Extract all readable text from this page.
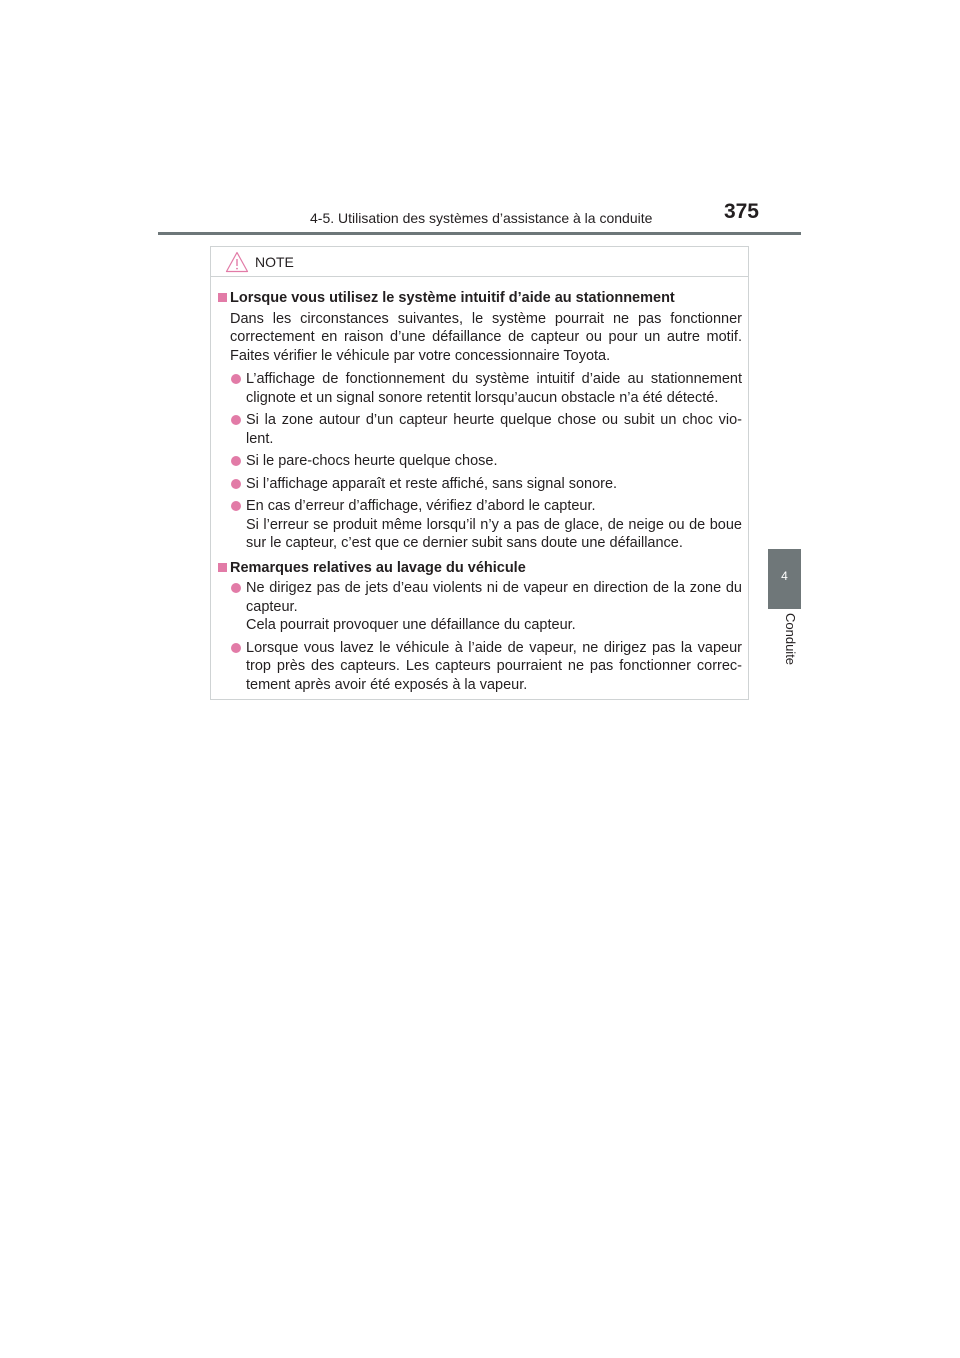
4-5. Utilisation des systèmes d’assistance à la conduite	375
4
Conduite
NOTE
Lorsque vous utilisez le système intuitif d’aide au stationnement
Dans les circonstances suivantes, le système pourrait ne pas fonctionner correctement en raison d’une défaillance de capteur ou pour un autre motif. Faites vérifier le véhicule par votre concessionnaire Toyota.
L’affichage de fonctionnement du système intuitif d’aide au stationnement clignote et un signal sonore retentit lorsqu’aucun obstacle n’a été détecté.
Si la zone autour d’un capteur heurte quelque chose ou subit un choc vio-lent.
Si le pare-chocs heurte quelque chose.
Si l’affichage apparaît et reste affiché, sans signal sonore.
En cas d’erreur d’affichage, vérifiez d’abord le capteur.
Si l’erreur se produit même lorsqu’il n’y a pas de glace, de neige ou de boue sur le capteur, c’est que ce dernier subit sans doute une défaillance.
Remarques relatives au lavage du véhicule
Ne dirigez pas de jets d’eau violents ni de vapeur en direction de la zone du capteur.
Cela pourrait provoquer une défaillance du capteur.
Lorsque vous lavez le véhicule à l’aide de vapeur, ne dirigez pas la vapeur trop près des capteurs. Les capteurs pourraient ne pas fonctionner correc-tement après avoir été exposés à la vapeur.
